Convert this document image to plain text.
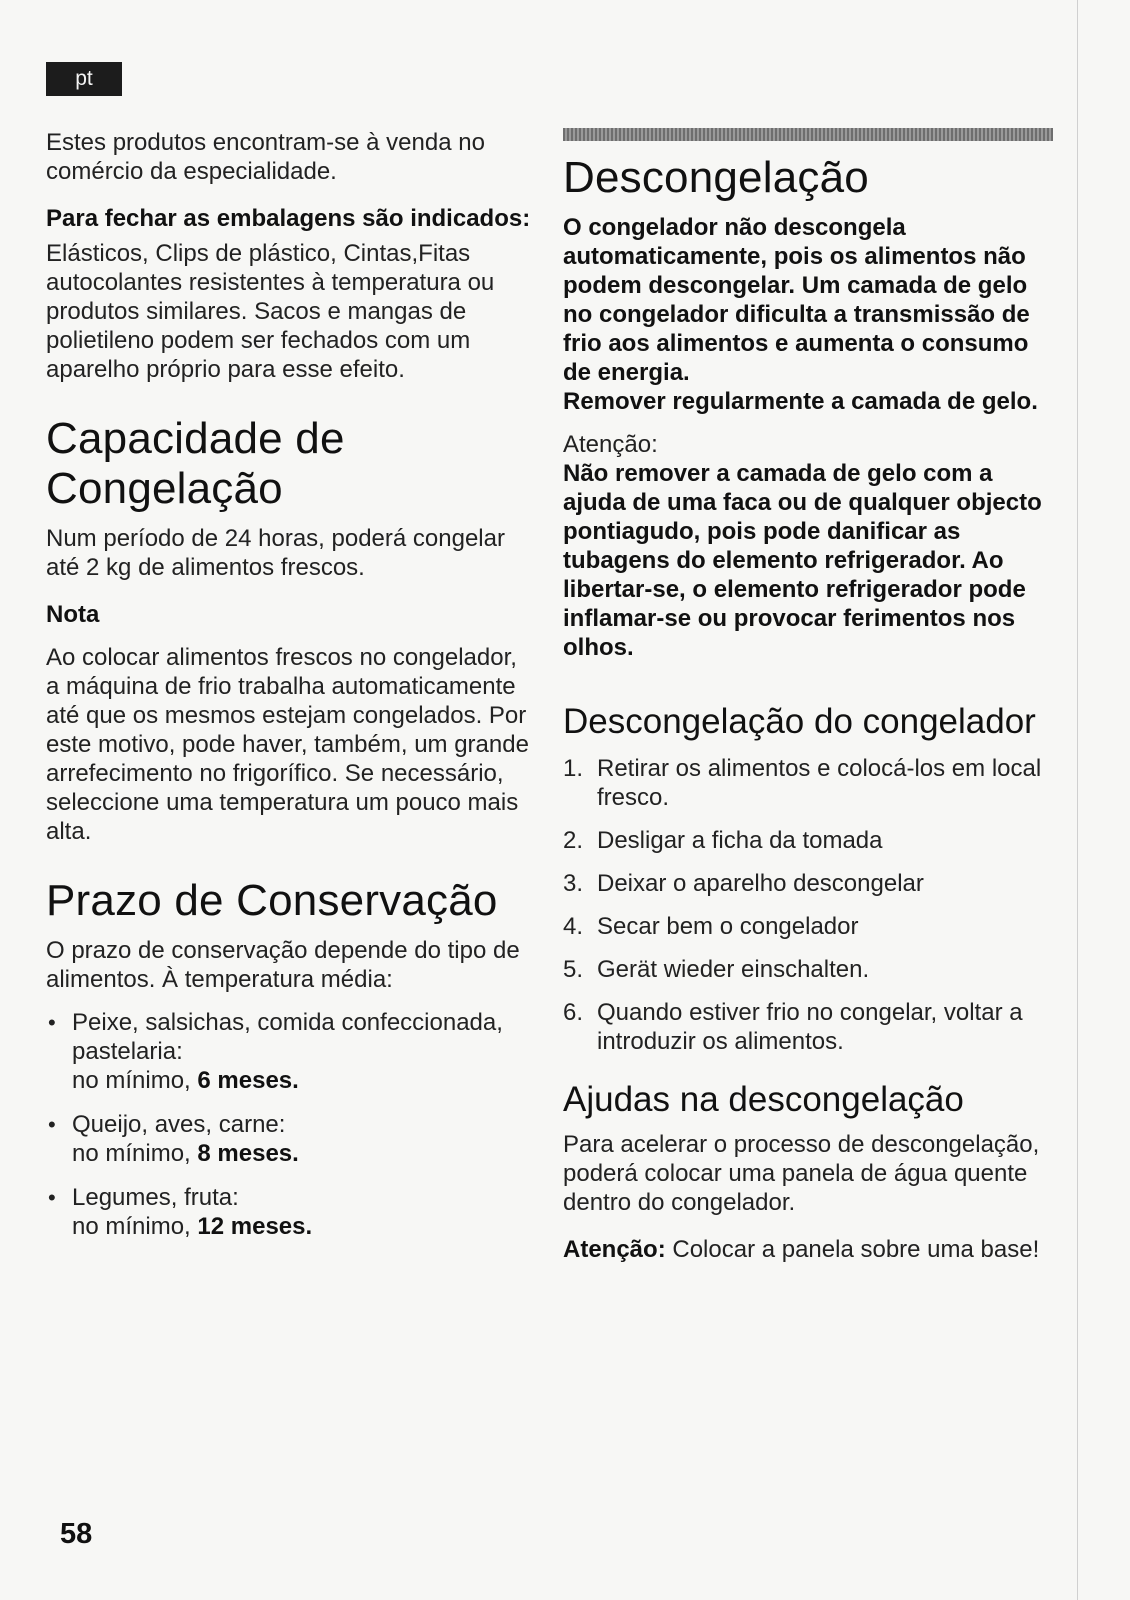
pt

Estes produtos encontram-se à venda no comércio da especialidade.

Para fechar as embalagens são indicados:

Elásticos, Clips de plástico, Cintas,Fitas autocolantes resistentes à temperatura ou produtos similares. Sacos e mangas de polietileno podem ser fechados com um aparelho próprio para esse efeito.

Capacidade de Congelação

Num período de 24 horas, poderá congelar até 2 kg de alimentos frescos.

Nota

Ao colocar alimentos frescos no congelador, a máquina de frio trabalha automaticamente até que os mesmos estejam congelados. Por este motivo, pode haver, também, um grande arrefecimento no frigorífico. Se necessário, seleccione uma temperatura um pouco mais alta.

Prazo de Conservação

O prazo de conservação depende do tipo de alimentos. À temperatura média:

• Peixe, salsichas, comida confeccionada, pastelaria:
no mínimo, 6 meses.
• Queijo, aves, carne:
no mínimo, 8 meses.
• Legumes, fruta:
no mínimo, 12 meses.
Descongelação

O congelador não descongela automaticamente, pois os alimentos não podem descongelar. Um camada de gelo no congelador dificulta a transmissão de frio aos alimentos e aumenta o consumo de energia.

Remover regularmente a camada de gelo.

Atenção:

Não remover a camada de gelo com a ajuda de uma faca ou de qualquer objecto pontiagudo, pois pode danificar as tubagens do elemento refrigerador. Ao libertar-se, o elemento refrigerador pode inflamar-se ou provocar ferimentos nos olhos.

Descongelação do congelador
1. Retirar os alimentos e colocá-los em local fresco.
2. Desligar a ficha da tomada
3. Deixar o aparelho descongelar
4. Secar bem o congelador
5. Gerät wieder einschalten.
6. Quando estiver frio no congelar, voltar a introduzir os alimentos.
Ajudas na descongelação

Para acelerar o processo de descongelação, poderá colocar uma panela de água quente dentro do congelador.

Atenção: Colocar a panela sobre uma base!

58
